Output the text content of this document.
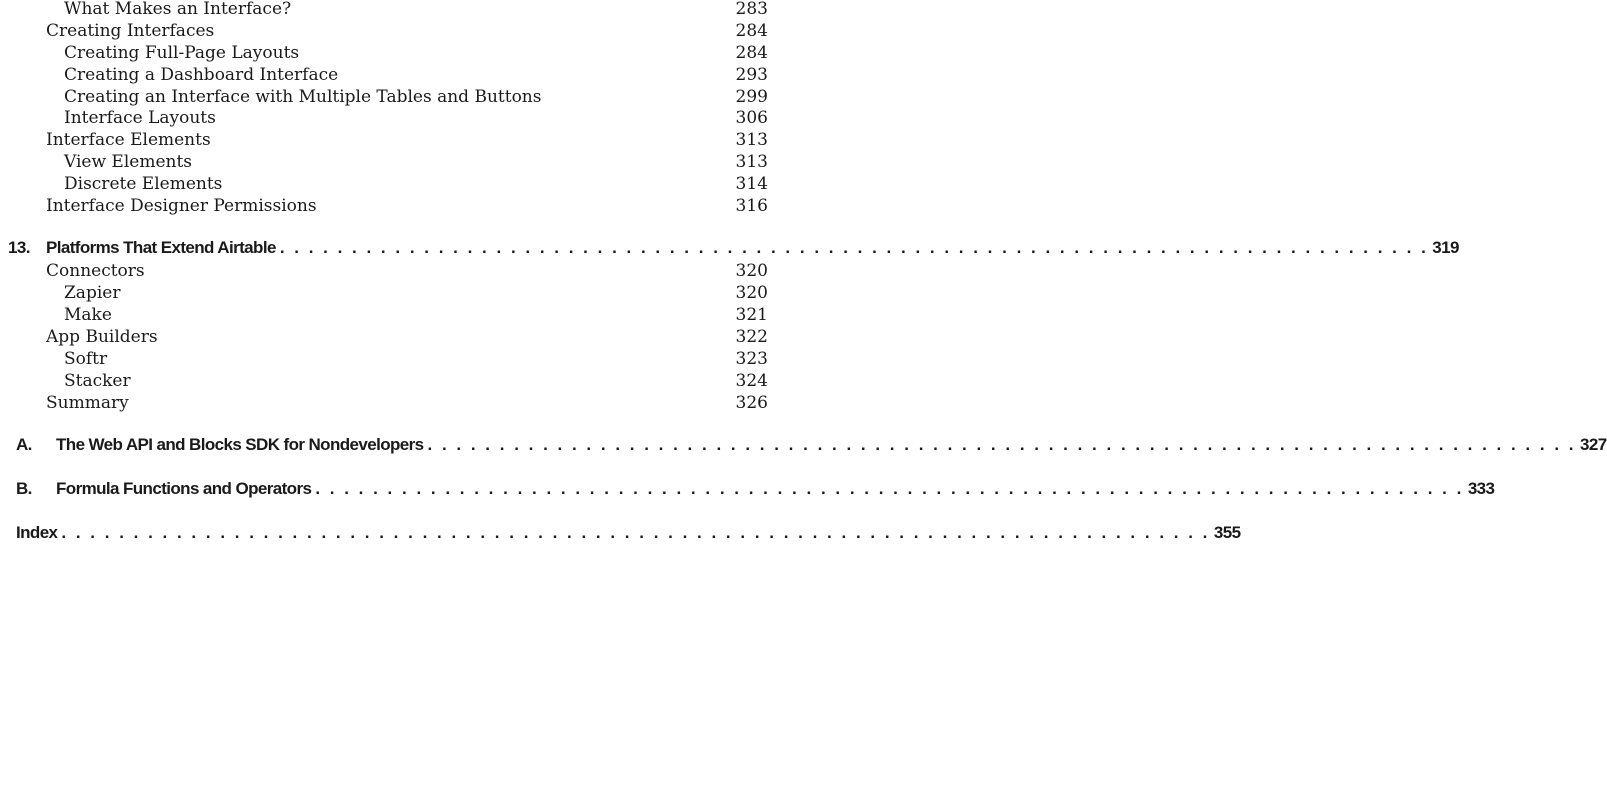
What Makes an Interface?	283
Creating Interfaces	284
Creating Full-Page Layouts	284
Creating a Dashboard Interface	293
Creating an Interface with Multiple Tables and Buttons	299
Interface Layouts	306
Interface Elements	313
View Elements	313
Discrete Elements	314
Interface Designer Permissions	316
13. Platforms That Extend Airtable . . . . . . . . . . . . . . . . . . . . . . . . . . . . . . . . . . . . . . . . . . . . . . . . . . . . . . . . . . . . . . . . . . . . . . . . . . . . . . . . 319
Connectors	320
Zapier	320
Make	321
App Builders	322
Softr	323
Stacker	324
Summary	326
A. The Web API and Blocks SDK for Nondevelopers . . . . . . . . . . . . . . . . . . . . . . . . . . . . . . . . . . . . . . . . . . . . . . . . . . . . . . . . . . . . . . . . . . . . . . . . . . . . . . . . 327
B. Formula Functions and Operators . . . . . . . . . . . . . . . . . . . . . . . . . . . . . . . . . . . . . . . . . . . . . . . . . . . . . . . . . . . . . . . . . . . . . . . . . . . . . . . . 333
Index . . . . . . . . . . . . . . . . . . . . . . . . . . . . . . . . . . . . . . . . . . . . . . . . . . . . . . . . . . . . . . . . . . . . . . . . . . . . . . . . 355
